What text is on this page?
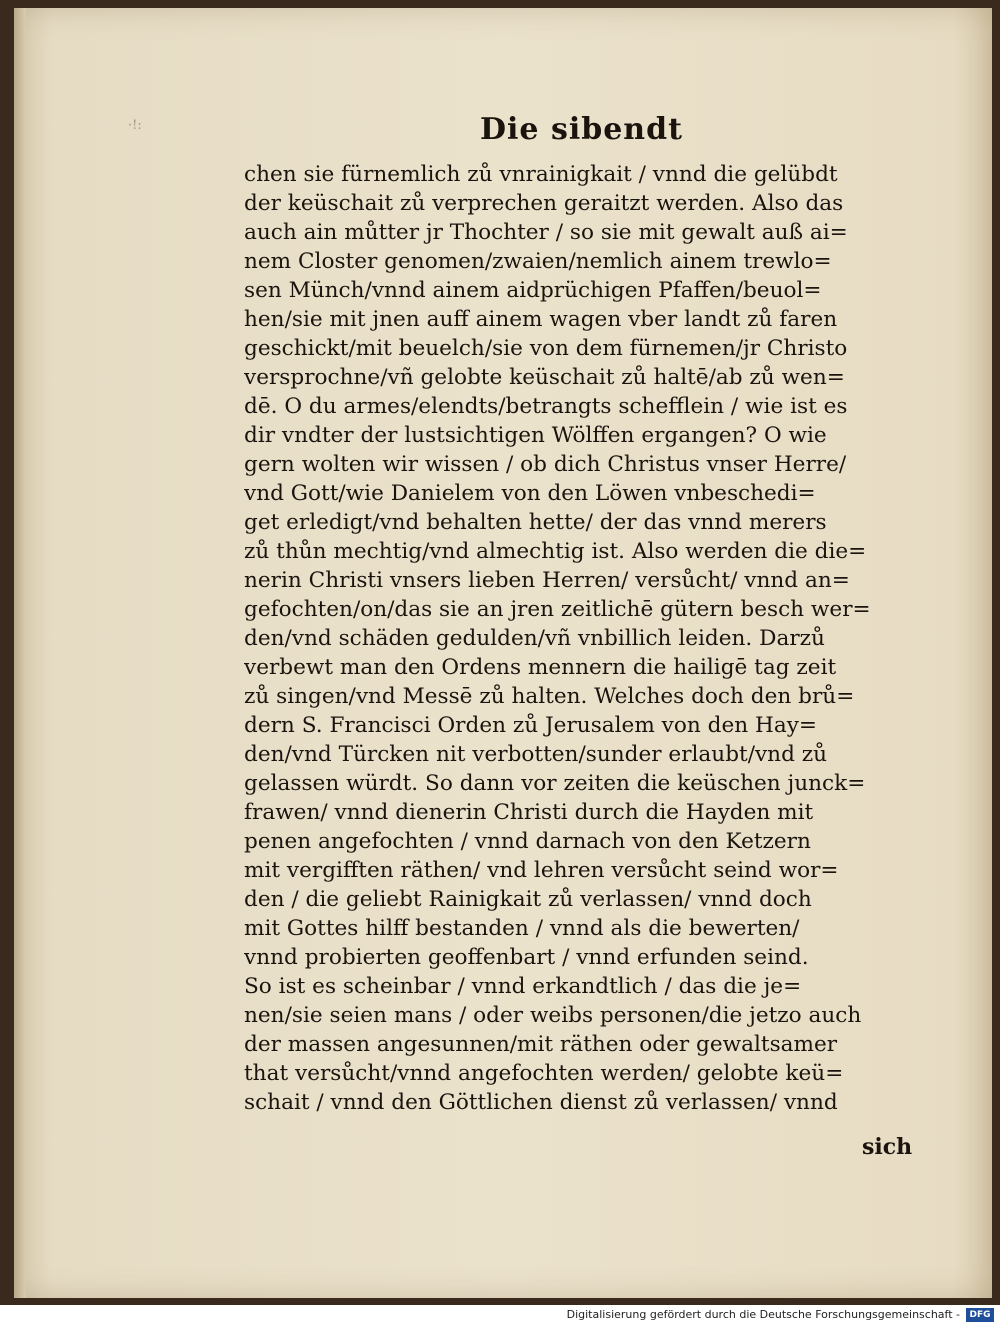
·!:	Die sibendt
chen sie fürnemlich zů vnrainigkait / vnnd die gelübdt
der keüschait zů verprechen geraitzt werden. Also das
auch ain můtter jr Thochter / so sie mit gewalt auß ai=
nem Closter genomen/zwaien/nemlich ainem trewlo=
sen Münch/vnnd ainem aidprüchigen Pfaffen/beuol=
hen/sie mit jnen auff ainem wagen vber landt zů faren
geschickt/mit beuelch/sie von dem fürnemen/jr Christo
versprochne/vñ gelobte keüschait zů haltē/ab zů wen=
dē. O du armes/elendts/betrangts schefflein / wie ist es
dir vndter der lustsichtigen Wölffen ergangen? O wie
gern wolten wir wissen / ob dich Christus vnser Herre/
vnd Gott/wie Danielem von den Löwen vnbeschedi=
get erledigt/vnd behalten hette/ der das vnnd merers
zů thůn mechtig/vnd almechtig ist. Also werden die die=
nerin Christi vnsers lieben Herren/ versůcht/ vnnd an=
gefochten/on/das sie an jren zeitlichē gütern besch wer=
den/vnd schäden gedulden/vñ vnbillich leiden. Darzů
verbewt man den Ordens mennern die hailigē tag zeit
zů singen/vnd Messē zů halten. Welches doch den brů=
dern S. Francisci Orden zů Jerusalem von den Hay=
den/vnd Türcken nit verbotten/sunder erlaubt/vnd zů
gelassen würdt. So dann vor zeiten die keüschen junck=
frawen/ vnnd dienerin Christi durch die Hayden mit
penen angefochten / vnnd darnach von den Ketzern
mit vergifften räthen/ vnd lehren versůcht seind wor=
den / die geliebt Rainigkait zů verlassen/ vnnd doch
mit Gottes hilff bestanden / vnnd als die bewerten/
vnnd probierten geoffenbart / vnnd erfunden seind.
So ist es scheinbar / vnnd erkandtlich / das die je=
nen/sie seien mans / oder weibs personen/die jetzo auch
der massen angesunnen/mit räthen oder gewaltsamer
that versůcht/vnnd angefochten werden/ gelobte keü=
schait / vnnd den Göttlichen dienst zů verlassen/ vnnd
sich
Digitalisierung gefördert durch die Deutsche Forschungsgemeinschaft -	DFG
